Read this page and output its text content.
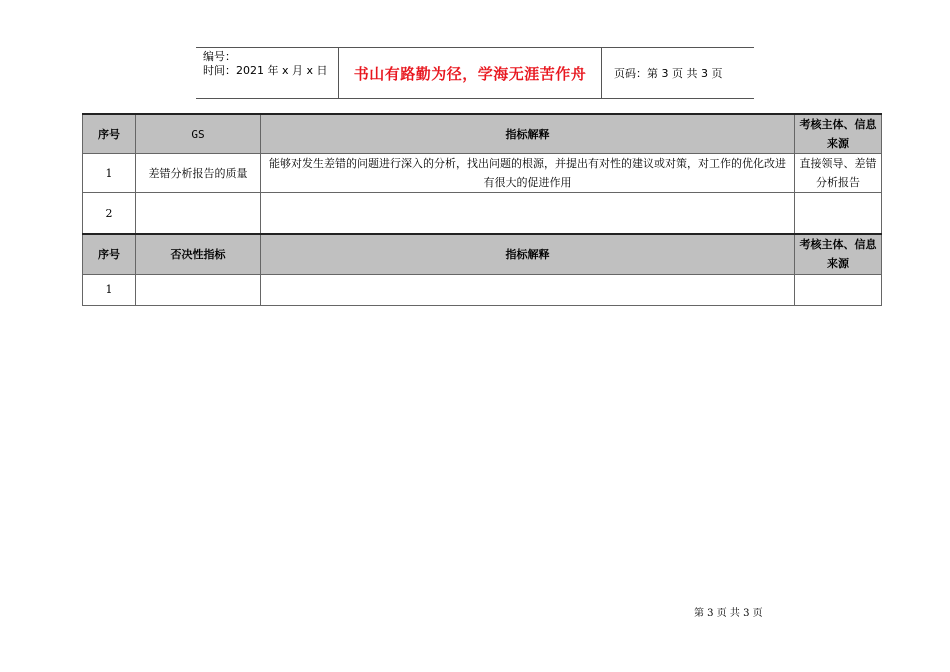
编号：
时间：2021 年 x 月 x 日	书山有路勤为径，学海无涯苦作舟	页码：第 3 页 共 3 页
序号	GS	指标解释	考核主体、信息来源
1	差错分析报告的质量	能够对发生差错的问题进行深入的分析，找出问题的根源，并提出有对性的建议或对策，对工作的优化改进有很大的促进作用	直接领导、差错分析报告
2			
序号	否决性指标	指标解释	考核主体、信息来源
1			
第 3 页 共 3 页
